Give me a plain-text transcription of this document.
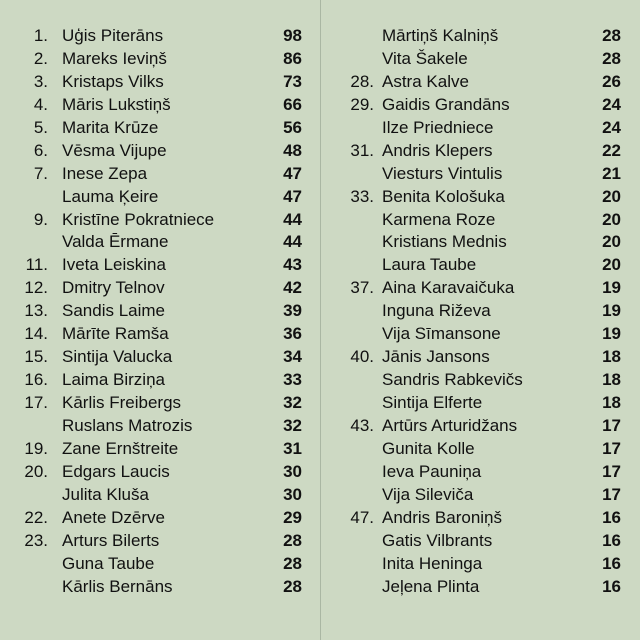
1. Uģis Piterāns	98
2. Mareks Ieviņš	86
3. Kristaps Vilks	73
4. Māris Lukstiņš	66
5. Marita Krūze	56
6. Vēsma Vijupe	48
7. Inese Zepa	47
Lauma Ķeire	47
9. Kristīne Pokratniece	44
Valda Ērmane	44
11. Iveta Leiskina	43
12. Dmitry Telnov	42
13. Sandis Laime	39
14. Mārīte Ramša	36
15. Sintija Valucka	34
16. Laima Birziņa	33
17. Kārlis Freibergs	32
Ruslans Matrozis	32
19. Zane Ernštreite	31
20. Edgars Laucis	30
Julita Kluša	30
22. Anete Dzērve	29
23. Arturs Bilerts	28
Guna Taube	28
Kārlis Bernāns	28
Mārtiņš Kalniņš	28
Vita Šakele	28
28. Astra Kalve	26
29. Gaidis Grandāns	24
Ilze Priedniece	24
31. Andris Klepers	22
Viesturs Vintulis	21
33. Benita Kološuka	20
Karmena Roze	20
Kristians Mednis	20
Laura Taube	20
37. Aina Karavaičuka	19
Inguna Riževa	19
Vija Sīmansone	19
40. Jānis Jansons	18
Sandris Rabkevičs	18
Sintija Elferte	18
43. Artūrs Arturidžans	17
Gunita Kolle	17
Ieva Pauniņa	17
Vija Sileviča	17
47. Andris Baroniņš	16
Gatis Vilbrants	16
Inita Heninga	16
Jeļena Plinta	16
